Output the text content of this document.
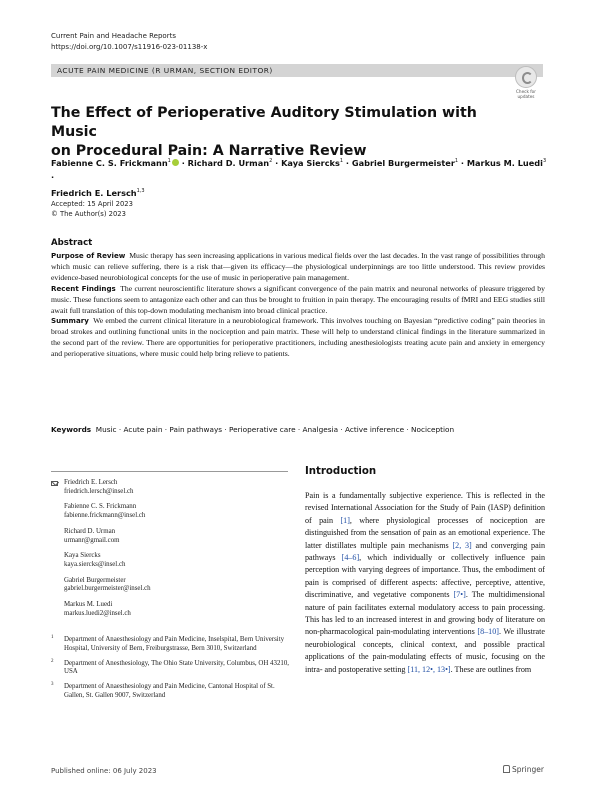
Current Pain and Headache Reports
https://doi.org/10.1007/s11916-023-01138-x
ACUTE PAIN MEDICINE (R URMAN, SECTION EDITOR)
Check for
updates
The Effect of Perioperative Auditory Stimulation with Music
on Procedural Pain: A Narrative Review
Fabienne C. S. Frickmann$^1$ · Richard D. Urman$^2$ · Kaya Siercks$^1$ · Gabriel Burgermeister$^1$ · Markus M. Luedi$^3$ ·
Friedrich E. Lersch$^{1,3}$
Accepted: 15 April 2023
© The Author(s) 2023
Abstract

Purpose of Review Music therapy has seen increasing applications in various medical fields over the last decades. In the vast range of possibilities through which music can relieve suffering, there is a risk that—given its efficacy—the physiological underpinnings are too little understood. This review provides evidence-based neurobiological concepts for the use of music in perioperative pain management.

Recent Findings The current neuroscientific literature shows a significant convergence of the pain matrix and neuronal networks of pleasure triggered by music. These functions seem to antagonize each other and can thus be brought to fruition in pain therapy. The encouraging results of fMRI and EEG studies still await full translation of this top-down modulating mechanism into broad clinical practice.

Summary We embed the current clinical literature in a neurobiological framework. This involves touching on Bayesian “predictive coding” pain theories in broad strokes and outlining functional units in the nociception and pain matrix. These will help to understand clinical findings in the literature summarized in the second part of the review. There are opportunities for perioperative practitioners, including anesthesiologists treating acute pain and anxiety in emergency and perioperative situations, where music could help bring relieve to patients.

Keywords Music · Acute pain · Pain pathways · Perioperative care · Analgesia · Active inference · Nociception
Friedrich E. Lersch
friedrich.lersch@insel.ch
Fabienne C. S. Frickmann
fabienne.frickmann@insel.ch
Richard D. Urman
urmanr@gmail.com
Kaya Siercks
kaya.siercks@insel.ch
Gabriel Burgermeister
gabriel.burgermeister@insel.ch
Markus M. Luedi
markus.luedi2@insel.ch
1 Department of Anaesthesiology and Pain Medicine, Inselspital, Bern University Hospital, University of Bern, Freiburgstrasse, Bern 3010, Switzerland
2 Department of Anesthesiology, The Ohio State University, Columbus, OH 43210, USA
3 Department of Anaesthesiology and Pain Medicine, Cantonal Hospital of St. Gallen, St. Gallen 9007, Switzerland
Introduction
Pain is a fundamentally subjective experience. This is reflected in the revised International Association for the Study of Pain (IASP) definition of pain [1], where physiological processes of nociception are distinguished from the sensation of pain as an emotional experience. The latter distillates multiple pain mechanisms [2, 3] and converging pain pathways [4–6], which individually or collectively influence pain perception with varying degrees of importance. Thus, the embodiment of pain is comprised of different aspects: affective, perceptive, attentive, discriminative, and vegetative components [7•]. The multidimensional nature of pain facilitates external modulatory access to pain processing. This has led to an increased interest in and growing body of literature on non-pharmacological pain-modulating interventions [8–10]. We illustrate neurobiological concepts, clinical context, and possible practical applications of the pain-modulating effects of music, focusing on the intra- and postoperative setting [11, 12•, 13•]. These are outlines from
Published online: 06 July 2023	Springer
